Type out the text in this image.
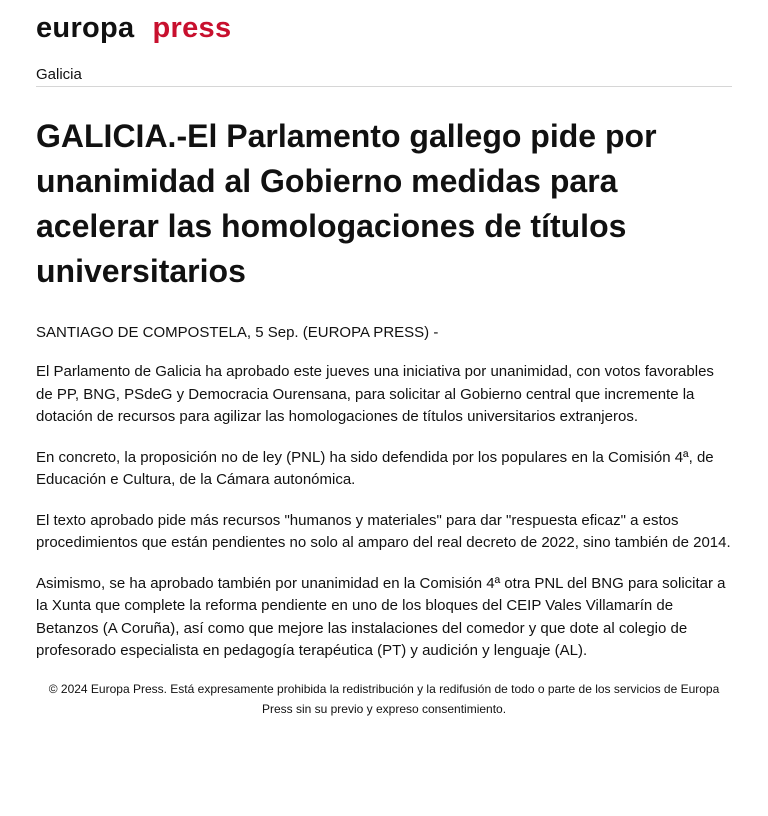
europa press
Galicia
GALICIA.-El Parlamento gallego pide por unanimidad al Gobierno medidas para acelerar las homologaciones de títulos universitarios
SANTIAGO DE COMPOSTELA, 5 Sep. (EUROPA PRESS) -

El Parlamento de Galicia ha aprobado este jueves una iniciativa por unanimidad, con votos favorables de PP, BNG, PSdeG y Democracia Ourensana, para solicitar al Gobierno central que incremente la dotación de recursos para agilizar las homologaciones de títulos universitarios extranjeros.

En concreto, la proposición no de ley (PNL) ha sido defendida por los populares en la Comisión 4ª, de Educación e Cultura, de la Cámara autonómica.

El texto aprobado pide más recursos "humanos y materiales" para dar "respuesta eficaz" a estos procedimientos que están pendientes no solo al amparo del real decreto de 2022, sino también de 2014.

Asimismo, se ha aprobado también por unanimidad en la Comisión 4ª otra PNL del BNG para solicitar a la Xunta que complete la reforma pendiente en uno de los bloques del CEIP Vales Villamarín de Betanzos (A Coruña), así como que mejore las instalaciones del comedor y que dote al colegio de profesorado especialista en pedagogía terapéutica (PT) y audición y lenguaje (AL).

© 2024 Europa Press. Está expresamente prohibida la redistribución y la redifusión de todo o parte de los servicios de Europa Press sin su previo y expreso consentimiento.
